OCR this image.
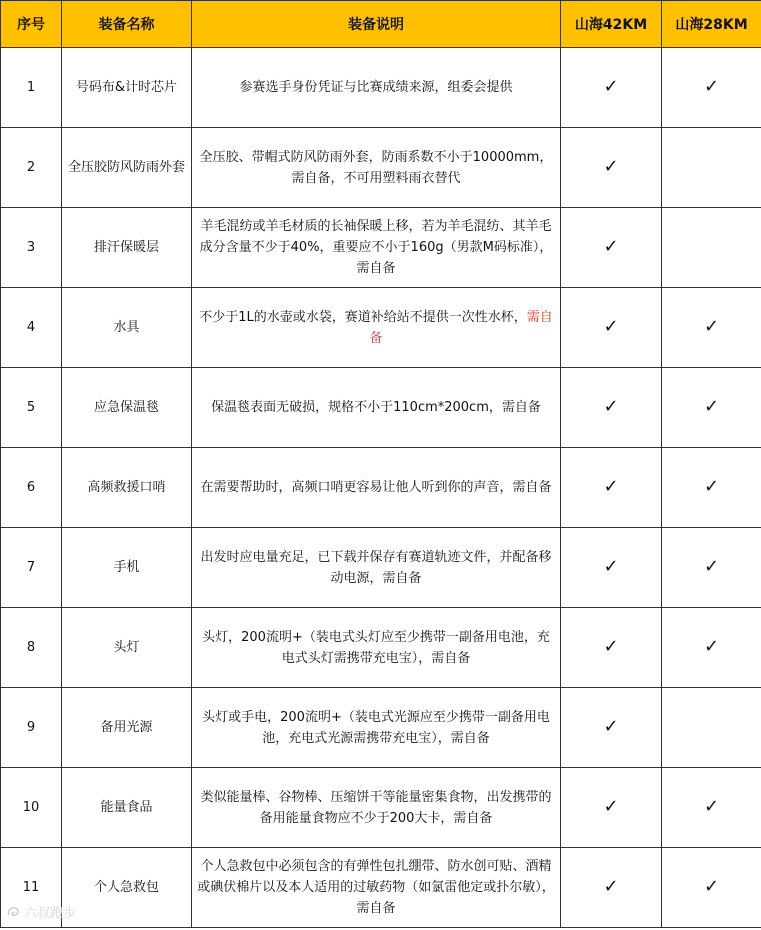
序号	装备名称	装备说明	山海42KM	山海28KM
1	号码布&计时芯片	参赛选手身份凭证与比赛成绩来源，组委会提供	✓	✓
2	全压胶防风防雨外套	全压胶、带帽式防风防雨外套，防雨系数不小于10000mm，需自备，不可用塑料雨衣替代	✓	
3	排汗保暖层	羊毛混纺或羊毛材质的长袖保暖上移，若为羊毛混纺、其羊毛成分含量不少于40%，重要应不小于160g（男款M码标准），需自备	✓	
4	水具	不少于1L的水壶或水袋，赛道补给站不提供一次性水杯，需自备	✓	✓
5	应急保温毯	保温毯表面无破损，规格不小于110cm*200cm，需自备	✓	✓
6	高频救援口哨	在需要帮助时，高频口哨更容易让他人听到你的声音，需自备	✓	✓
7	手机	出发时应电量充足，已下载并保存有赛道轨迹文件，并配备移动电源，需自备	✓	✓
8	头灯	头灯，200流明+（装电式头灯应至少携带一副备用电池，充电式头灯需携带充电宝），需自备	✓	✓
9	备用光源	头灯或手电，200流明+（装电式光源应至少携带一副备用电池，充电式光源需携带充电宝），需自备	✓	
10	能量食品	类似能量棒、谷物棒、压缩饼干等能量密集食物，出发携带的备用能量食物应不少于200大卡，需自备	✓	✓
11	个人急救包	个人急救包中必须包含的有弹性包扎绷带、防水创可贴、酒精或碘伏棉片以及本人适用的过敏药物（如氯雷他定或扑尔敏），需自备	✓	✓
六叔跑步
